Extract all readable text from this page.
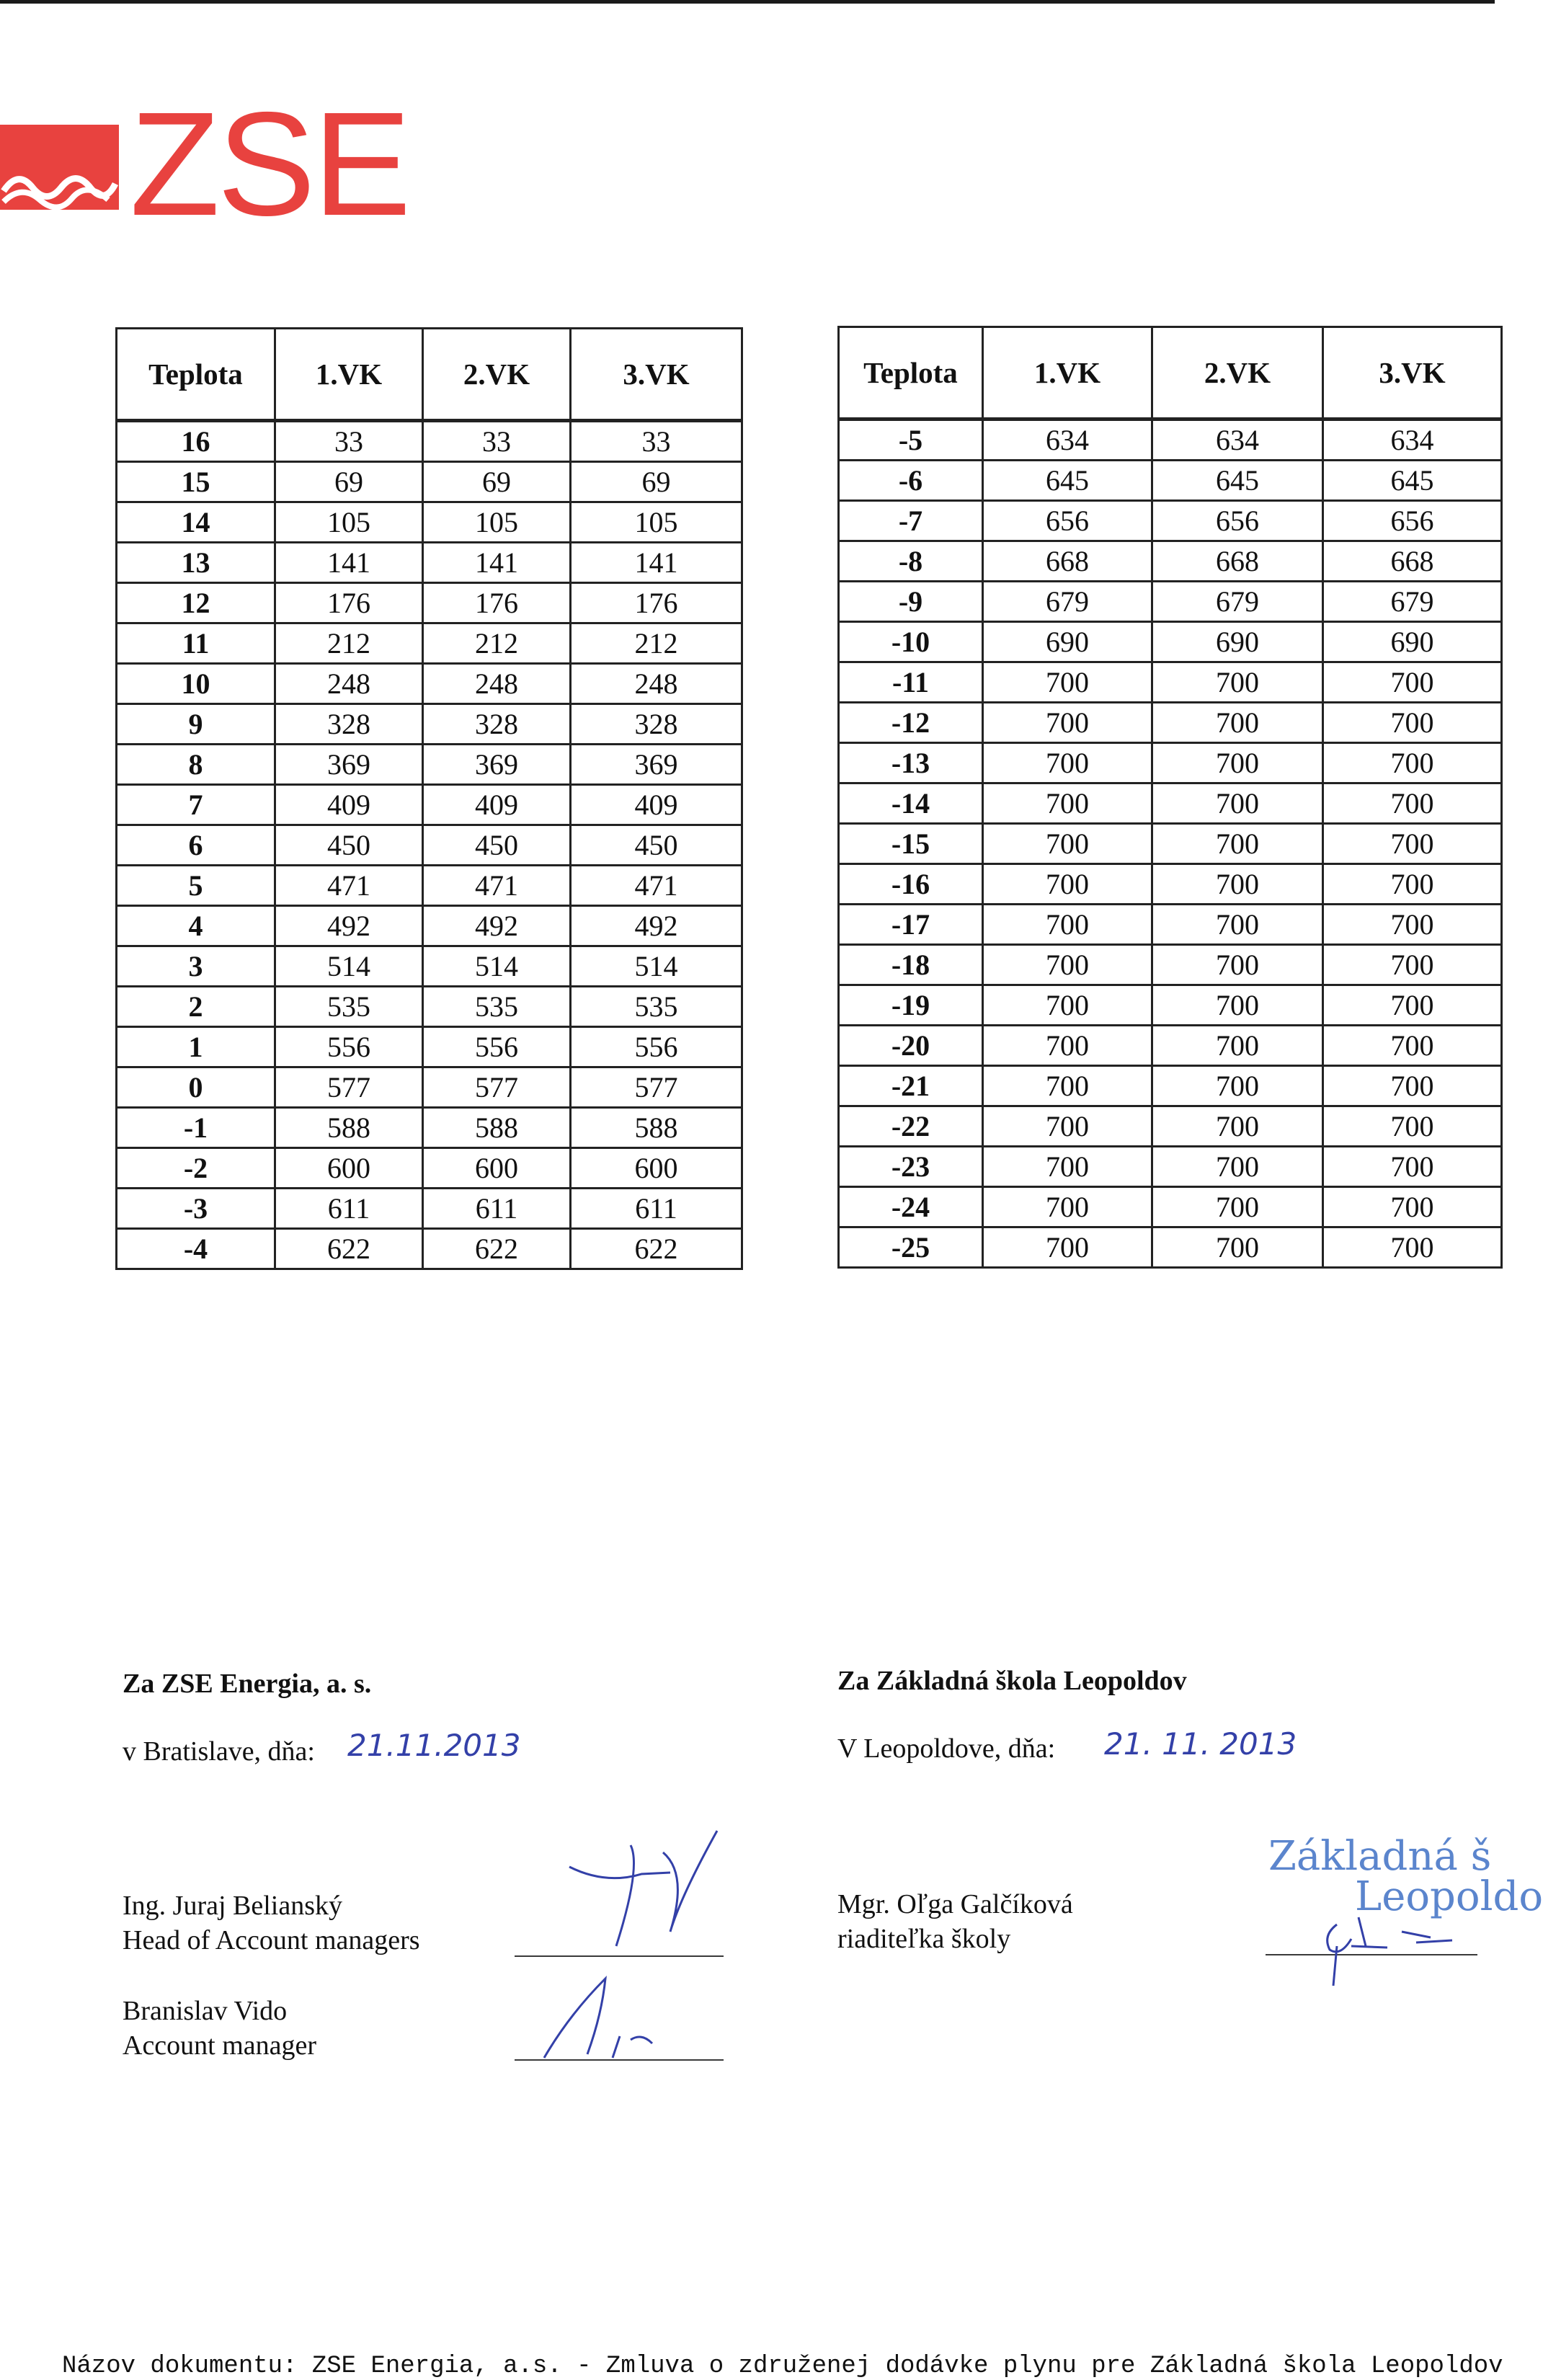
ZSE
Teplota	1.VK	2.VK	3.VK
16	33	33	33
15	69	69	69
14	105	105	105
13	141	141	141
12	176	176	176
11	212	212	212
10	248	248	248
9	328	328	328
8	369	369	369
7	409	409	409
6	450	450	450
5	471	471	471
4	492	492	492
3	514	514	514
2	535	535	535
1	556	556	556
0	577	577	577
-1	588	588	588
-2	600	600	600
-3	611	611	611
-4	622	622	622
Teplota	1.VK	2.VK	3.VK
-5	634	634	634
-6	645	645	645
-7	656	656	656
-8	668	668	668
-9	679	679	679
-10	690	690	690
-11	700	700	700
-12	700	700	700
-13	700	700	700
-14	700	700	700
-15	700	700	700
-16	700	700	700
-17	700	700	700
-18	700	700	700
-19	700	700	700
-20	700	700	700
-21	700	700	700
-22	700	700	700
-23	700	700	700
-24	700	700	700
-25	700	700	700
Za ZSE Energia, a. s.
v Bratislave, dňa: 21.11.2013
Ing. Juraj Belianský
Head of Account managers
Branislav Vido
Account manager
Za Základná škola Leopoldov
V Leopoldove, dňa: 21. 11. 2013
Mgr. Oľga Galčíková
riaditeľka školy
Základná š
Leopoldo
Názov dokumentu: ZSE Energia, a.s. - Zmluva o združenej dodávke plynu pre Základná škola Leopoldov
